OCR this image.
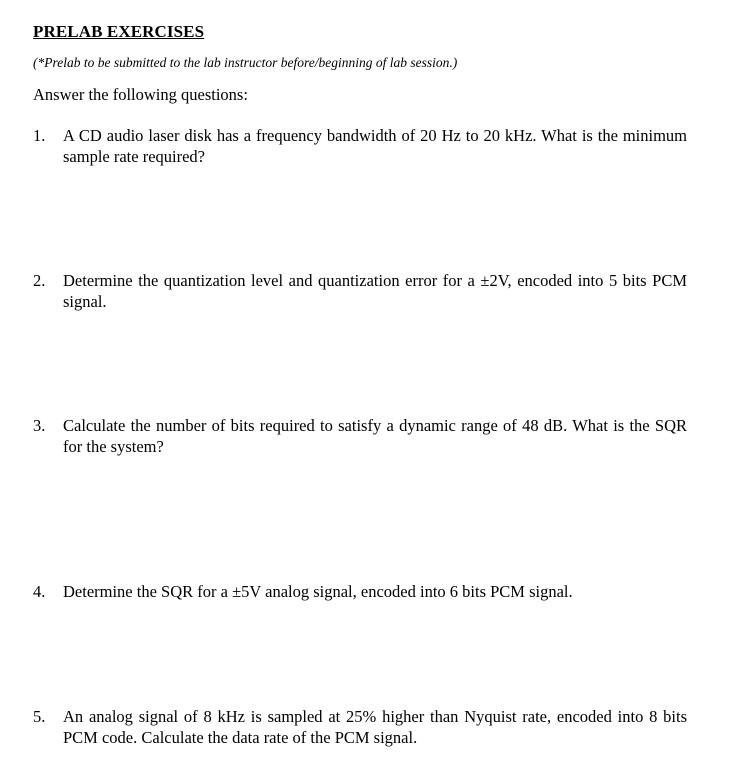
PRELAB EXERCISES
(*Prelab to be submitted to the lab instructor before/beginning of lab session.)
Answer the following questions:
1. A CD audio laser disk has a frequency bandwidth of 20 Hz to 20 kHz. What is the minimum sample rate required?
2. Determine the quantization level and quantization error for a ±2V, encoded into 5 bits PCM signal.
3. Calculate the number of bits required to satisfy a dynamic range of 48 dB. What is the SQR for the system?
4. Determine the SQR for a ±5V analog signal, encoded into 6 bits PCM signal.
5. An analog signal of 8 kHz is sampled at 25% higher than Nyquist rate, encoded into 8 bits PCM code. Calculate the data rate of the PCM signal.
